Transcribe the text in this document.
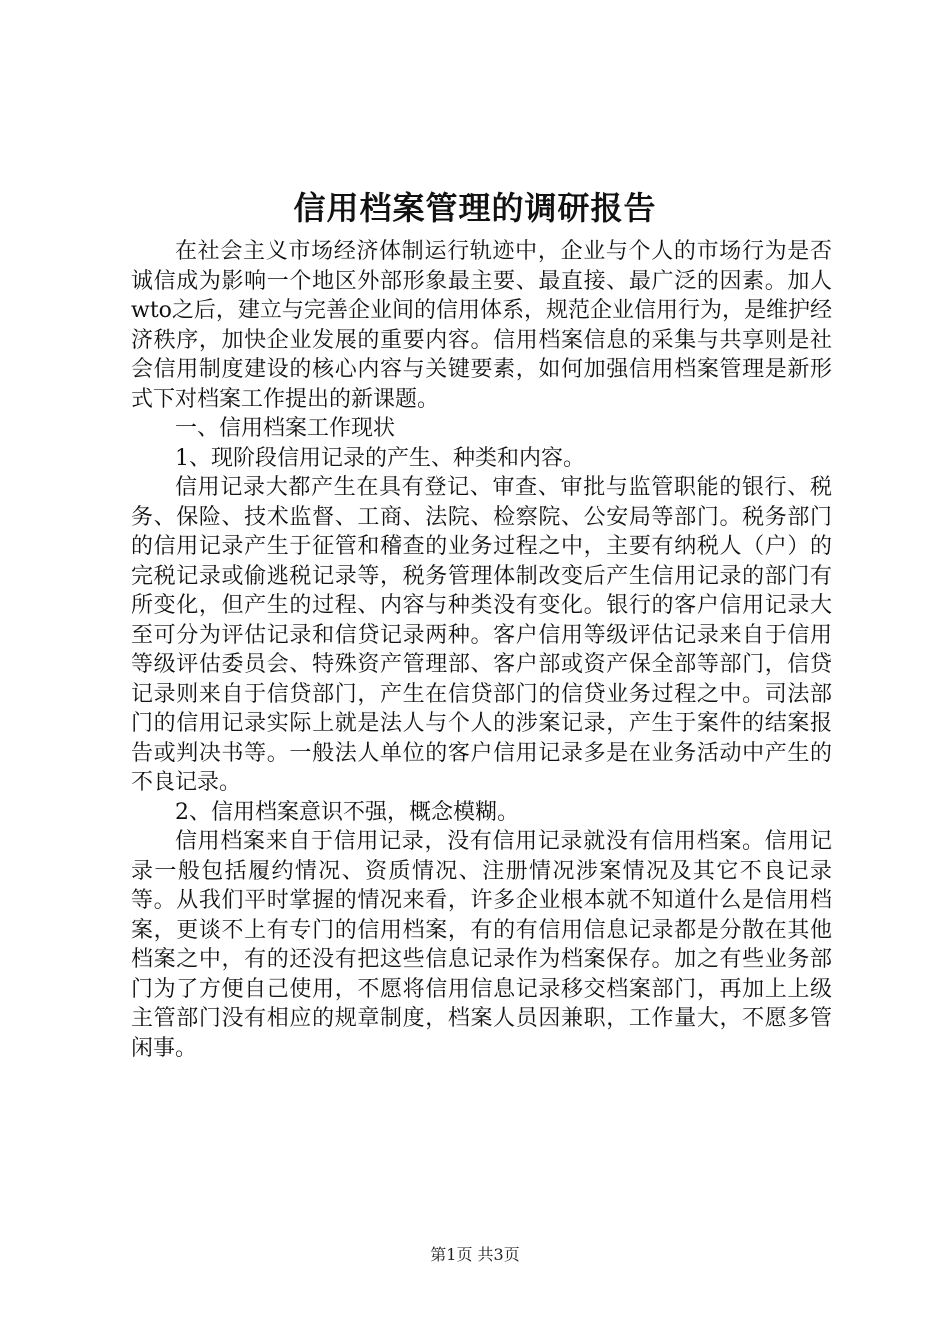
信用档案管理的调研报告

在社会主义市场经济体制运行轨迹中，企业与个人的市场行为是否诚信成为影响一个地区外部形象最主要、最直接、最广泛的因素。加人wto之后，建立与完善企业间的信用体系，规范企业信用行为，是维护经济秩序，加快企业发展的重要内容。信用档案信息的采集与共享则是社会信用制度建设的核心内容与关键要素，如何加强信用档案管理是新形式下对档案工作提出的新课题。

一、信用档案工作现状

1、现阶段信用记录的产生、种类和内容。

信用记录大都产生在具有登记、审查、审批与监管职能的银行、税务、保险、技术监督、工商、法院、检察院、公安局等部门。税务部门的信用记录产生于征管和稽查的业务过程之中，主要有纳税人（户）的完税记录或偷逃税记录等，税务管理体制改变后产生信用记录的部门有所变化，但产生的过程、内容与种类没有变化。银行的客户信用记录大至可分为评估记录和信贷记录两种。客户信用等级评估记录来自于信用等级评估委员会、特殊资产管理部、客户部或资产保全部等部门，信贷记录则来自于信贷部门，产生在信贷部门的信贷业务过程之中。司法部门的信用记录实际上就是法人与个人的涉案记录，产生于案件的结案报告或判决书等。一般法人单位的客户信用记录多是在业务活动中产生的不良记录。

2、信用档案意识不强，概念模糊。

信用档案来自于信用记录，没有信用记录就没有信用档案。信用记录一般包括履约情况、资质情况、注册情况涉案情况及其它不良记录等。从我们平时掌握的情况来看，许多企业根本就不知道什么是信用档案，更谈不上有专门的信用档案，有的有信用信息记录都是分散在其他档案之中，有的还没有把这些信息记录作为档案保存。加之有些业务部门为了方便自己使用，不愿将信用信息记录移交档案部门，再加上上级主管部门没有相应的规章制度，档案人员因兼职，工作量大，不愿多管闲事。

第1页 共3页
